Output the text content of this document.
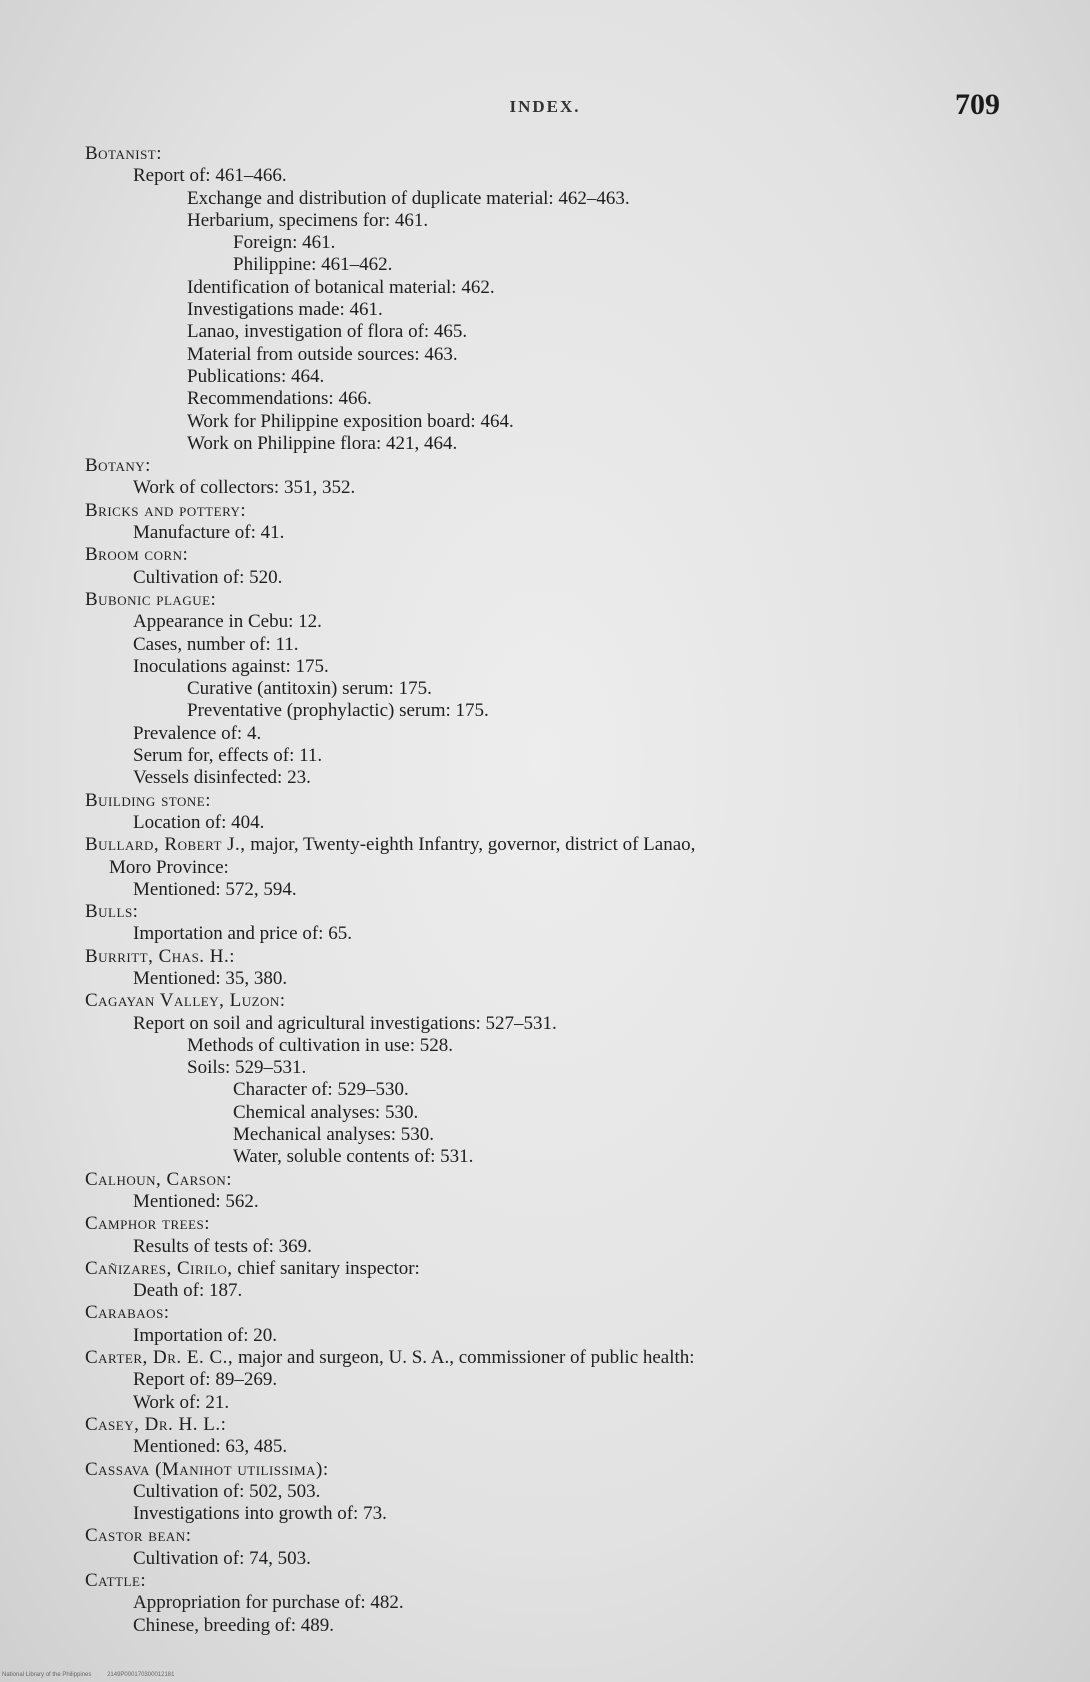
INDEX.	709
Botanist:
Report of: 461–466.
Exchange and distribution of duplicate material: 462–463.
Herbarium, specimens for: 461.
Foreign: 461.
Philippine: 461–462.
Identification of botanical material: 462.
Investigations made: 461.
Lanao, investigation of flora of: 465.
Material from outside sources: 463.
Publications: 464.
Recommendations: 466.
Work for Philippine exposition board: 464.
Work on Philippine flora: 421, 464.
Botany:
Work of collectors: 351, 352.
Bricks and pottery:
Manufacture of: 41.
Broom corn:
Cultivation of: 520.
Bubonic plague:
Appearance in Cebu: 12.
Cases, number of: 11.
Inoculations against: 175.
Curative (antitoxin) serum: 175.
Preventative (prophylactic) serum: 175.
Prevalence of: 4.
Serum for, effects of: 11.
Vessels disinfected: 23.
Building stone:
Location of: 404.
Bullard, Robert J., major, Twenty-eighth Infantry, governor, district of Lanao,
Moro Province:
Mentioned: 572, 594.
Bulls:
Importation and price of: 65.
Burritt, Chas. H.:
Mentioned: 35, 380.
Cagayan Valley, Luzon:
Report on soil and agricultural investigations: 527–531.
Methods of cultivation in use: 528.
Soils: 529–531.
Character of: 529–530.
Chemical analyses: 530.
Mechanical analyses: 530.
Water, soluble contents of: 531.
Calhoun, Carson:
Mentioned: 562.
Camphor trees:
Results of tests of: 369.
Cañizares, Cirilo, chief sanitary inspector:
Death of: 187.
Carabaos:
Importation of: 20.
Carter, Dr. E. C., major and surgeon, U. S. A., commissioner of public health:
Report of: 89–269.
Work of: 21.
Casey, Dr. H. L.:
Mentioned: 63, 485.
Cassava (Manihot utilissima):
Cultivation of: 502, 503.
Investigations into growth of: 73.
Castor bean:
Cultivation of: 74, 503.
Cattle:
Appropriation for purchase of: 482.
Chinese, breeding of: 489.
National Library of the Philippines	2149P000170300012181
